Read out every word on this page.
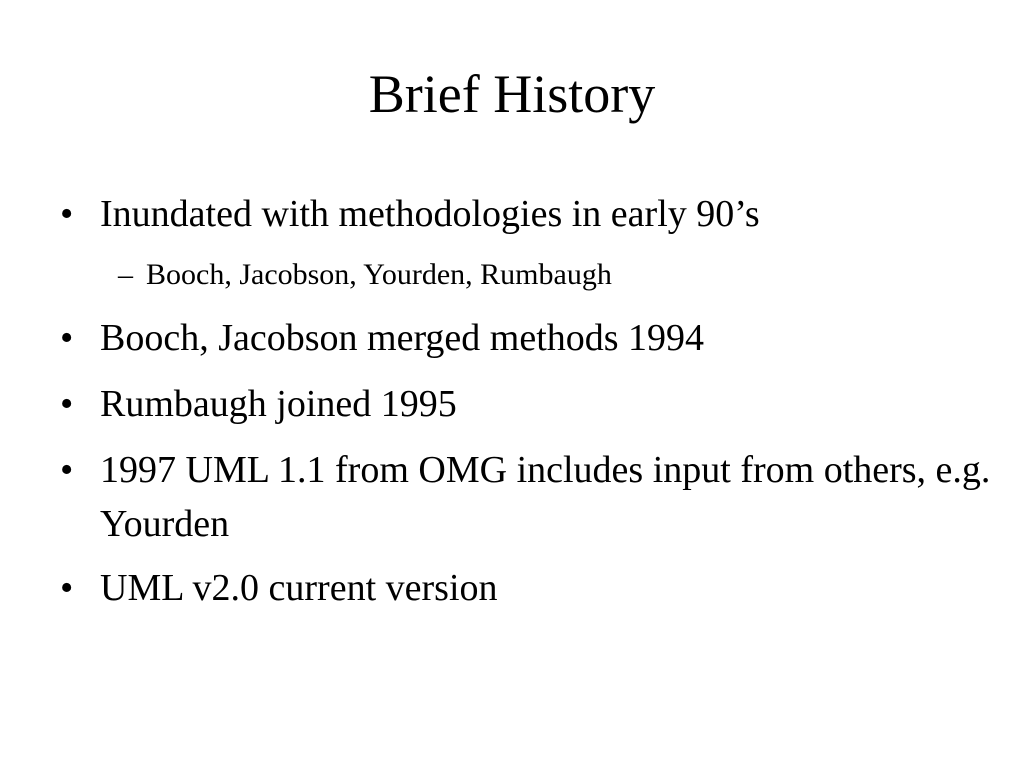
Brief History
• Inundated with methodologies in early 90’s
– Booch, Jacobson, Yourden, Rumbaugh
• Booch, Jacobson merged methods 1994
• Rumbaugh joined 1995
• 1997 UML 1.1 from OMG includes input from others, e.g. Yourden
• UML v2.0 current version
